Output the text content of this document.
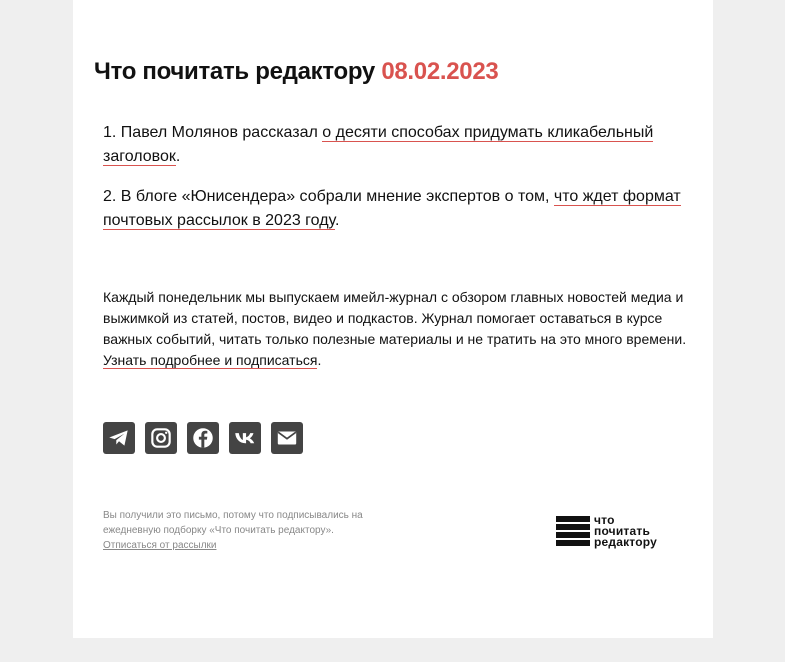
Что почитать редактору 08.02.2023

1. Павел Молянов рассказал о десяти способах придумать кликабельный заголовок.

2. В блоге «Юнисендера» собрали мнение экспертов о том, что ждет формат почтовых рассылок в 2023 году.

Каждый понедельник мы выпускаем имейл-журнал с обзором главных новостей медиа и выжимкой из статей, постов, видео и подкастов. Журнал помогает оставаться в курсе важных событий, читать только полезные материалы и не тратить на это много времени. Узнать подробнее и подписаться.

Вы получили это письмо, потому что подписывались на ежедневную подборку «Что почитать редактору».
Отписаться от рассылки
что
почитать
редактору
